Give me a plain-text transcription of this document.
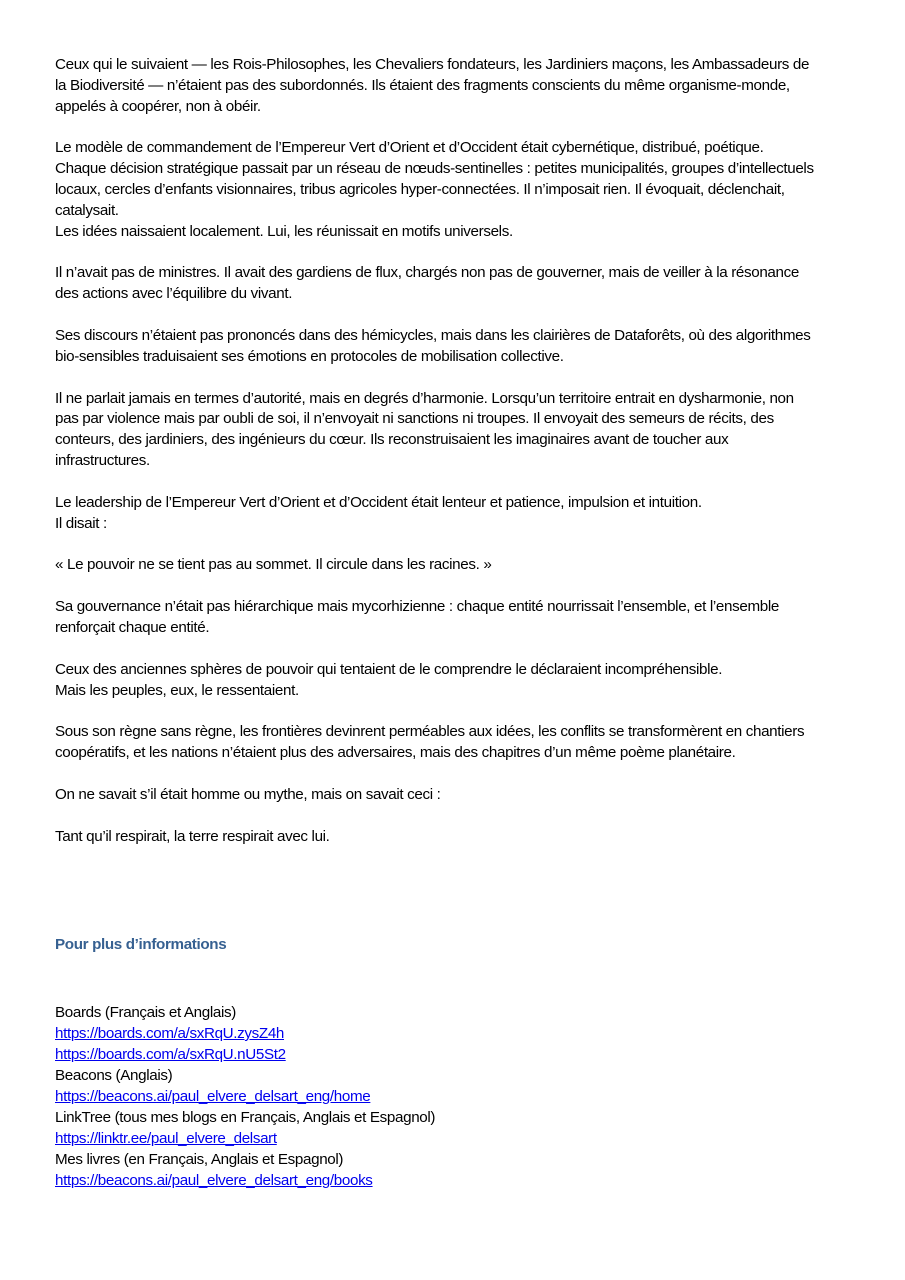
Ceux qui le suivaient — les Rois-Philosophes, les Chevaliers fondateurs, les Jardiniers maçons, les Ambassadeurs de
la Biodiversité — n’étaient pas des subordonnés. Ils étaient des fragments conscients du même organisme-monde,
appelés à coopérer, non à obéir.

Le modèle de commandement de l’Empereur Vert d’Orient et d’Occident était cybernétique, distribué, poétique.
Chaque décision stratégique passait par un réseau de nœuds-sentinelles : petites municipalités, groupes d’intellectuels
locaux, cercles d’enfants visionnaires, tribus agricoles hyper-connectées. Il n’imposait rien. Il évoquait, déclenchait,
catalysait.
Les idées naissaient localement. Lui, les réunissait en motifs universels.

Il n’avait pas de ministres. Il avait des gardiens de flux, chargés non pas de gouverner, mais de veiller à la résonance
des actions avec l’équilibre du vivant.

Ses discours n’étaient pas prononcés dans des hémicycles, mais dans les clairières de Dataforêts, où des algorithmes
bio-sensibles traduisaient ses émotions en protocoles de mobilisation collective.

Il ne parlait jamais en termes d’autorité, mais en degrés d’harmonie. Lorsqu’un territoire entrait en dysharmonie, non
pas par violence mais par oubli de soi, il n’envoyait ni sanctions ni troupes. Il envoyait des semeurs de récits, des
conteurs, des jardiniers, des ingénieurs du cœur. Ils reconstruisaient les imaginaires avant de toucher aux
infrastructures.

Le leadership de l’Empereur Vert d’Orient et d’Occident était lenteur et patience, impulsion et intuition.
Il disait :

« Le pouvoir ne se tient pas au sommet. Il circule dans les racines. »

Sa gouvernance n’était pas hiérarchique mais mycorhizienne : chaque entité nourrissait l’ensemble, et l’ensemble
renforçait chaque entité.

Ceux des anciennes sphères de pouvoir qui tentaient de le comprendre le déclaraient incompréhensible.
Mais les peuples, eux, le ressentaient.

Sous son règne sans règne, les frontières devinrent perméables aux idées, les conflits se transformèrent en chantiers
coopératifs, et les nations n’étaient plus des adversaires, mais des chapitres d’un même poème planétaire.

On ne savait s’il était homme ou mythe, mais on savait ceci :

Tant qu’il respirait, la terre respirait avec lui.

Pour plus d’informations
Boards (Français et Anglais)
https://boards.com/a/sxRqU.zysZ4h
https://boards.com/a/sxRqU.nU5St2
Beacons (Anglais)
https://beacons.ai/paul_elvere_delsart_eng/home
LinkTree (tous mes blogs en Français, Anglais et Espagnol)
https://linktr.ee/paul_elvere_delsart
Mes livres (en Français, Anglais et Espagnol)
https://beacons.ai/paul_elvere_delsart_eng/books
